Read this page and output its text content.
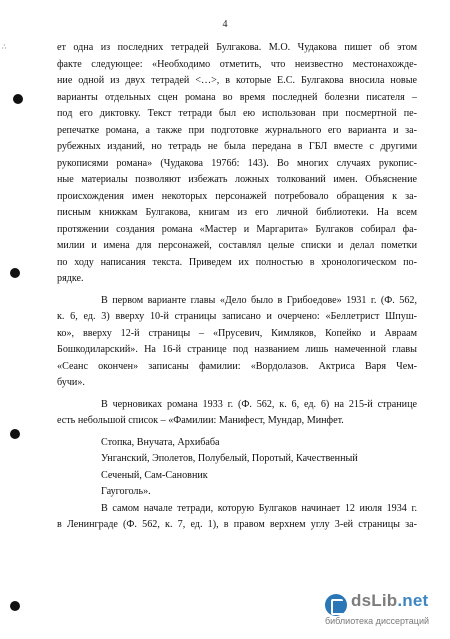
4
∴	ет одна из последних тетрадей Булгакова. М.О. Чудакова пишет об этом
факте следующее: «Необходимо отметить, что неизвестно местонахожде-
ние одной из двух тетрадей <…>, в которые Е.С. Булгакова вносила новые
варианты отдельных сцен романа во время последней болезни писателя –
под его диктовку. Текст тетради был ею использован при посмертной пе-
репечатке романа, а также при подготовке журнального его варианта и за-
рубежных изданий, но тетрадь не была передана в ГБЛ вместе с другими
рукописями романа» (Чудакова 1976б: 143). Во многих случаях рукопис-
ные материалы позволяют избежать ложных толкований имен. Объяснение
происхождения имен некоторых персонажей потребовало обращения к за-
писным книжкам Булгакова, книгам из его личной библиотеки. На всем
протяжении создания романа «Мастер и Маргарита» Булгаков собирал фа-
милии и имена для персонажей, составлял целые списки и делал пометки
по ходу написания текста. Приведем их полностью в хронологическом по-
рядке.
В первом варианте главы «Дело было в Грибоедове» 1931 г. (Ф. 562,
к. 6, ед. 3) вверху 10-й страницы записано и очерчено: «Беллетрист Шпуш-
ко», вверху 12-й страницы – «Прусевич, Кимляков, Копейко и Авраам
Бошкодиларский». На 16-й странице под названием лишь намеченной главы
«Сеанс окончен» записаны фамилии: «Вордолазов. Актриса Варя Чем-
бучи».
В черновиках романа 1933 г. (Ф. 562, к. 6, ед. 6) на 215-й странице
есть небольшой список – «Фамилии: Манифест, Мундар, Минфет.
Стопка, Внучата, Архибаба
Унганский, Эполетов, Полубелый, Поротый, Качественный
Сеченый, Сам-Сановник
Гаугоголь».
В самом начале тетради, которую Булгаков начинает 12 июля 1934 г.
в Ленинграде (Ф. 562, к. 7, ед. 1), в правом верхнем углу 3-ей страницы за-
dsLib.net
библиотека диссертаций
